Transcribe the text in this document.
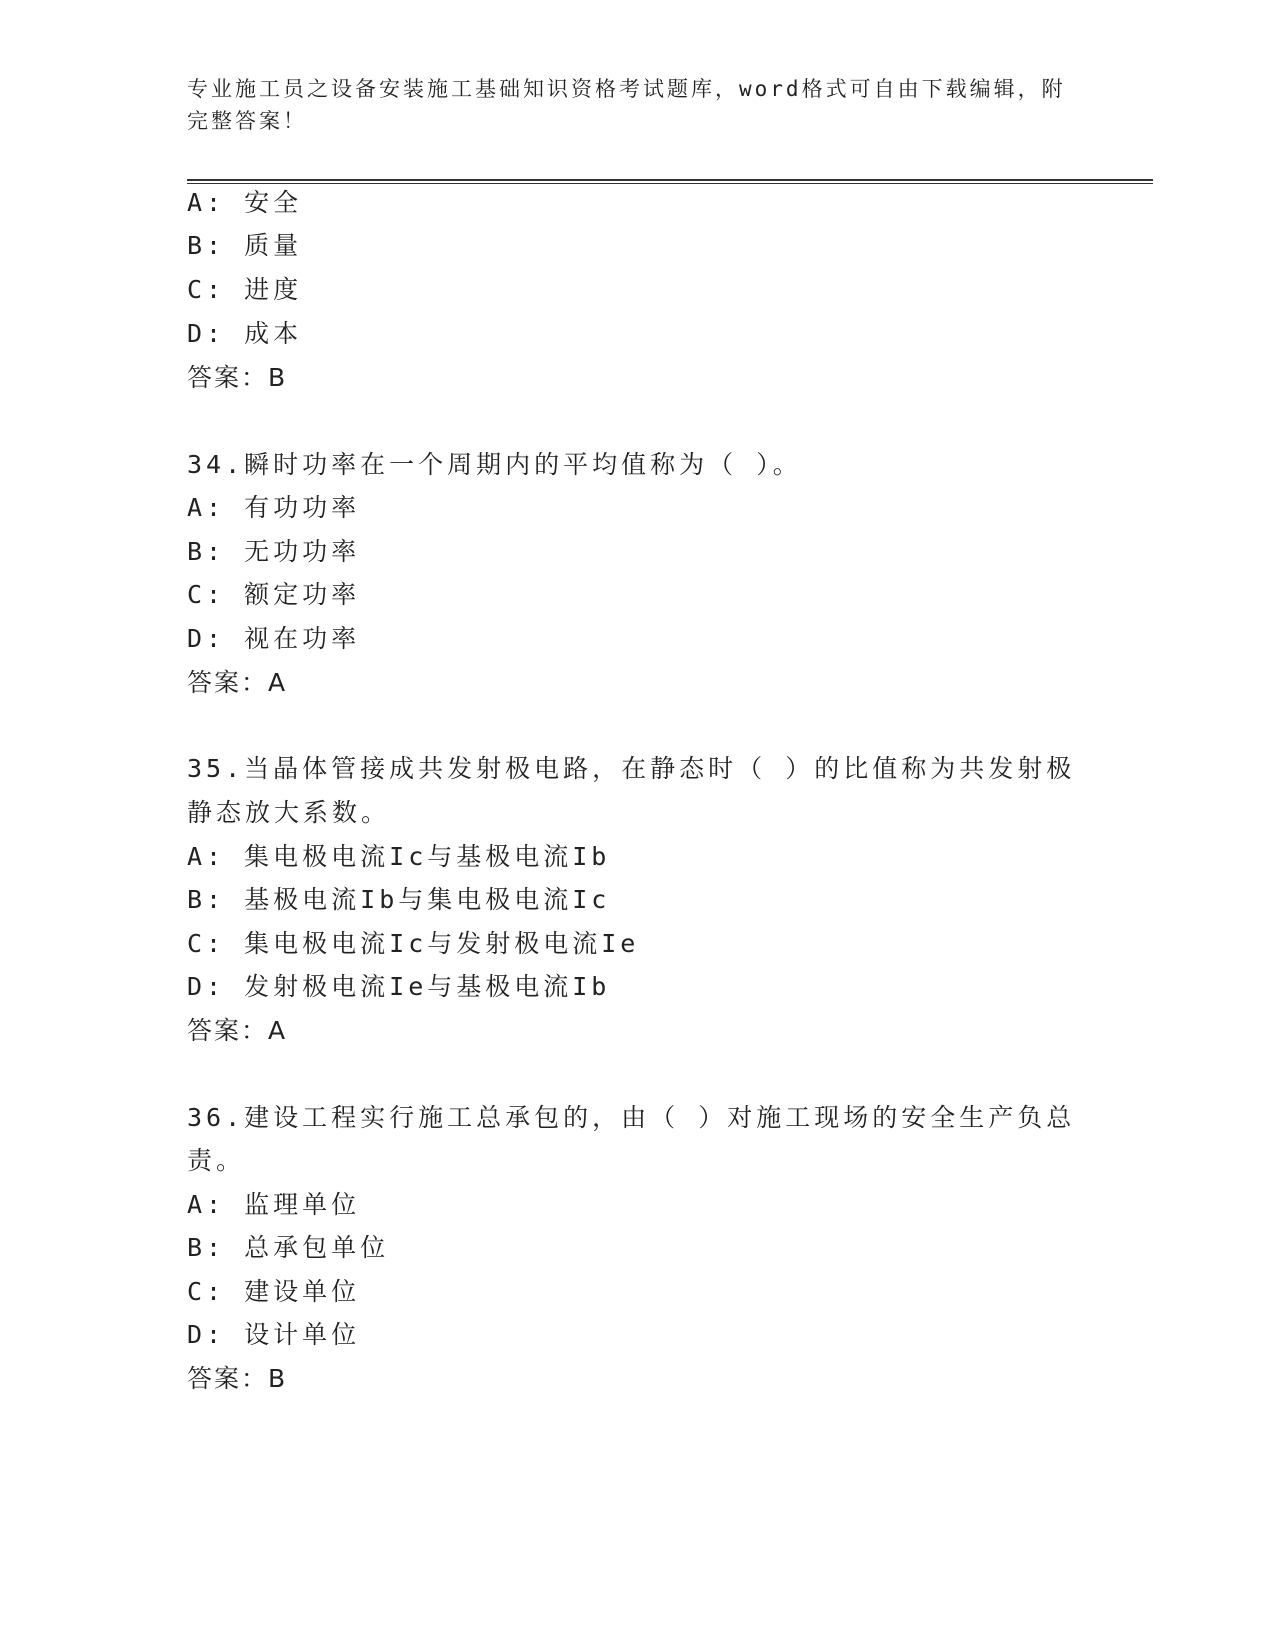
专业施工员之设备安装施工基础知识资格考试题库，word格式可自由下载编辑，附完整答案！
A: 安全
B: 质量
C: 进度
D: 成本
答案：B
34.瞬时功率在一个周期内的平均值称为（ ）。
A: 有功功率
B: 无功功率
C: 额定功率
D: 视在功率
答案：A
35.当晶体管接成共发射极电路，在静态时（ ）的比值称为共发射极
静态放大系数。
A: 集电极电流Ic与基极电流Ib
B: 基极电流Ib与集电极电流Ic
C: 集电极电流Ic与发射极电流Ie
D: 发射极电流Ie与基极电流Ib
答案：A
36.建设工程实行施工总承包的，由（ ）对施工现场的安全生产负总
责。
A: 监理单位
B: 总承包单位
C: 建设单位
D: 设计单位
答案：B
